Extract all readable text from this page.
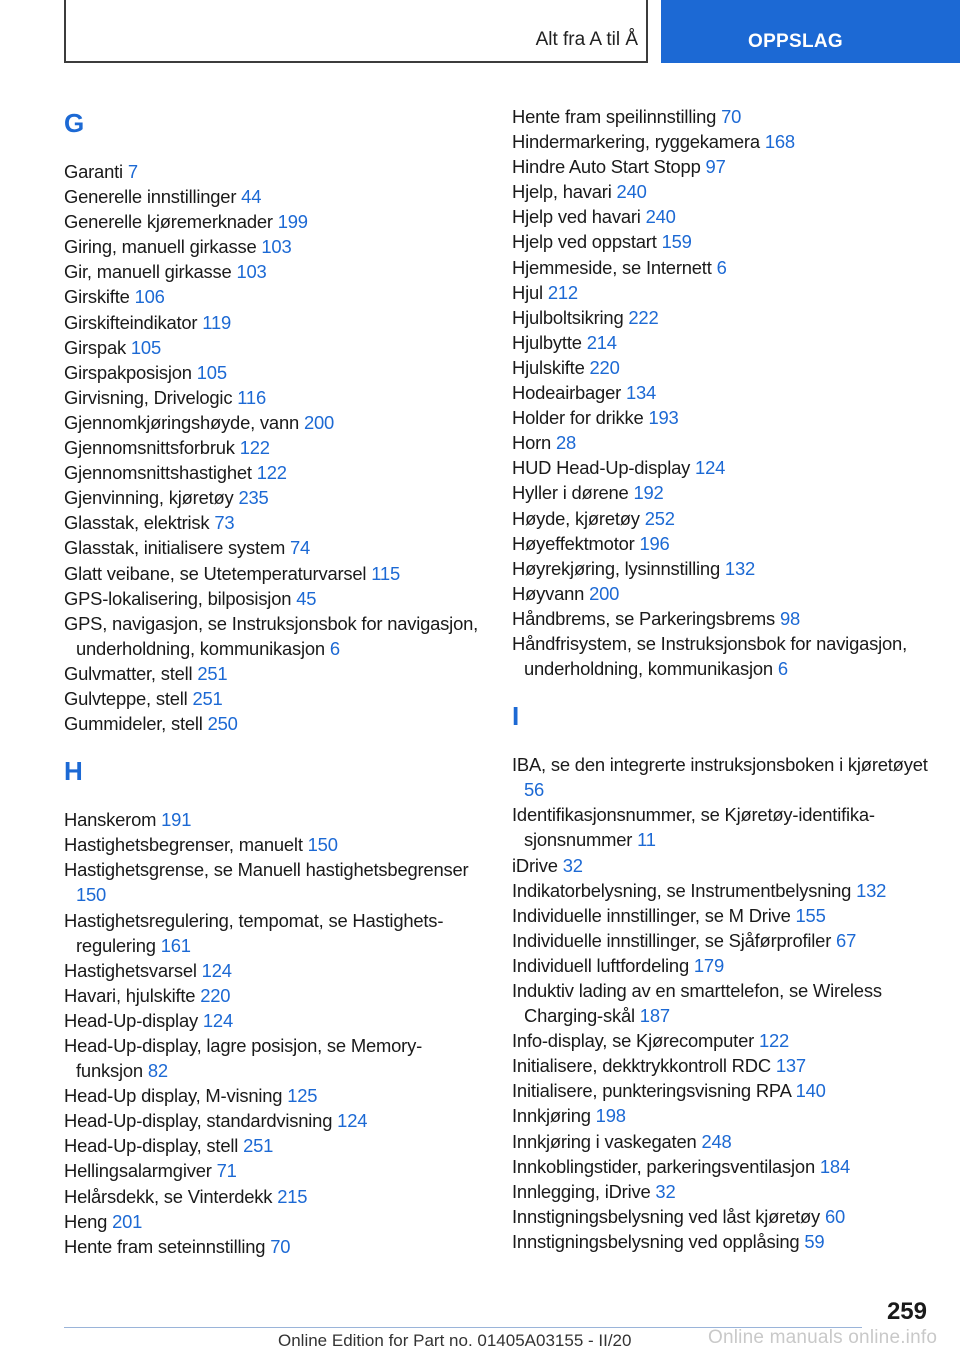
Alt fra A til Å	OPPSLAG
G
Garanti 7
Generelle innstillinger 44
Generelle kjøremerknader 199
Giring, manuell girkasse 103
Gir, manuell girkasse 103
Girskifte 106
Girskifteindikator 119
Girspak 105
Girspakposisjon 105
Girvisning, Drivelogic 116
Gjennomkjøringshøyde, vann 200
Gjennomsnittsforbruk 122
Gjennomsnittshastighet 122
Gjenvinning, kjøretøy 235
Glasstak, elektrisk 73
Glasstak, initialisere system 74
Glatt veibane, se Utetemperaturvarsel 115
GPS-lokalisering, bilposisjon 45
GPS, navigasjon, se Instruksjonsbok for navigasjon, underholdning, kommunikasjon 6
Gulvmatter, stell 251
Gulvteppe, stell 251
Gummideler, stell 250
H
Hanskerom 191
Hastighetsbegrenser, manuelt 150
Hastighetsgrense, se Manuell hastighetsbegrenser 150
Hastighetsregulering, tempomat, se Hastighetsregulering 161
Hastighetsvarsel 124
Havari, hjulskifte 220
Head-Up-display 124
Head-Up-display, lagre posisjon, se Memory-funksjon 82
Head-Up display, M-visning 125
Head-Up-display, standardvisning 124
Head-Up-display, stell 251
Hellingsalarmgiver 71
Helårsdekk, se Vinterdekk 215
Heng 201
Hente fram seteinnstilling 70
Hente fram speilinnstilling 70
Hindermarkering, ryggekamera 168
Hindre Auto Start Stopp 97
Hjelp, havari 240
Hjelp ved havari 240
Hjelp ved oppstart 159
Hjemmeside, se Internett 6
Hjul 212
Hjulboltsikring 222
Hjulbytte 214
Hjulskifte 220
Hodeairbager 134
Holder for drikke 193
Horn 28
HUD Head-Up-display 124
Hyller i dørene 192
Høyde, kjøretøy 252
Høyeffektmotor 196
Høyrekjøring, lysinnstilling 132
Høyvann 200
Håndbrems, se Parkeringsbrems 98
Håndfrisystem, se Instruksjonsbok for navigasjon, underholdning, kommunikasjon 6
I
IBA, se den integrerte instruksjonsboken i kjøretøyet 56
Identifikasjonsnummer, se Kjøretøy-identifikasjonsnummer 11
iDrive 32
Indikatorbelysning, se Instrumentbelysning 132
Individuelle innstillinger, se M Drive 155
Individuelle innstillinger, se Sjåførprofiler 67
Individuell luftfordeling 179
Induktiv lading av en smarttelefon, se Wireless Charging-skål 187
Info-display, se Kjørecomputer 122
Initialisere, dekktrykkontroll RDC 137
Initialisere, punkteringsvisning RPA 140
Innkjøring 198
Innkjøring i vaskegaten 248
Innkoblingstider, parkeringsventilasjon 184
Innlegging, iDrive 32
Innstigningsbelysning ved låst kjøretøy 60
Innstigningsbelysning ved opplåsing 59
259
Online Edition for Part no. 01405A03155 - II/20	Online manuals online.info
